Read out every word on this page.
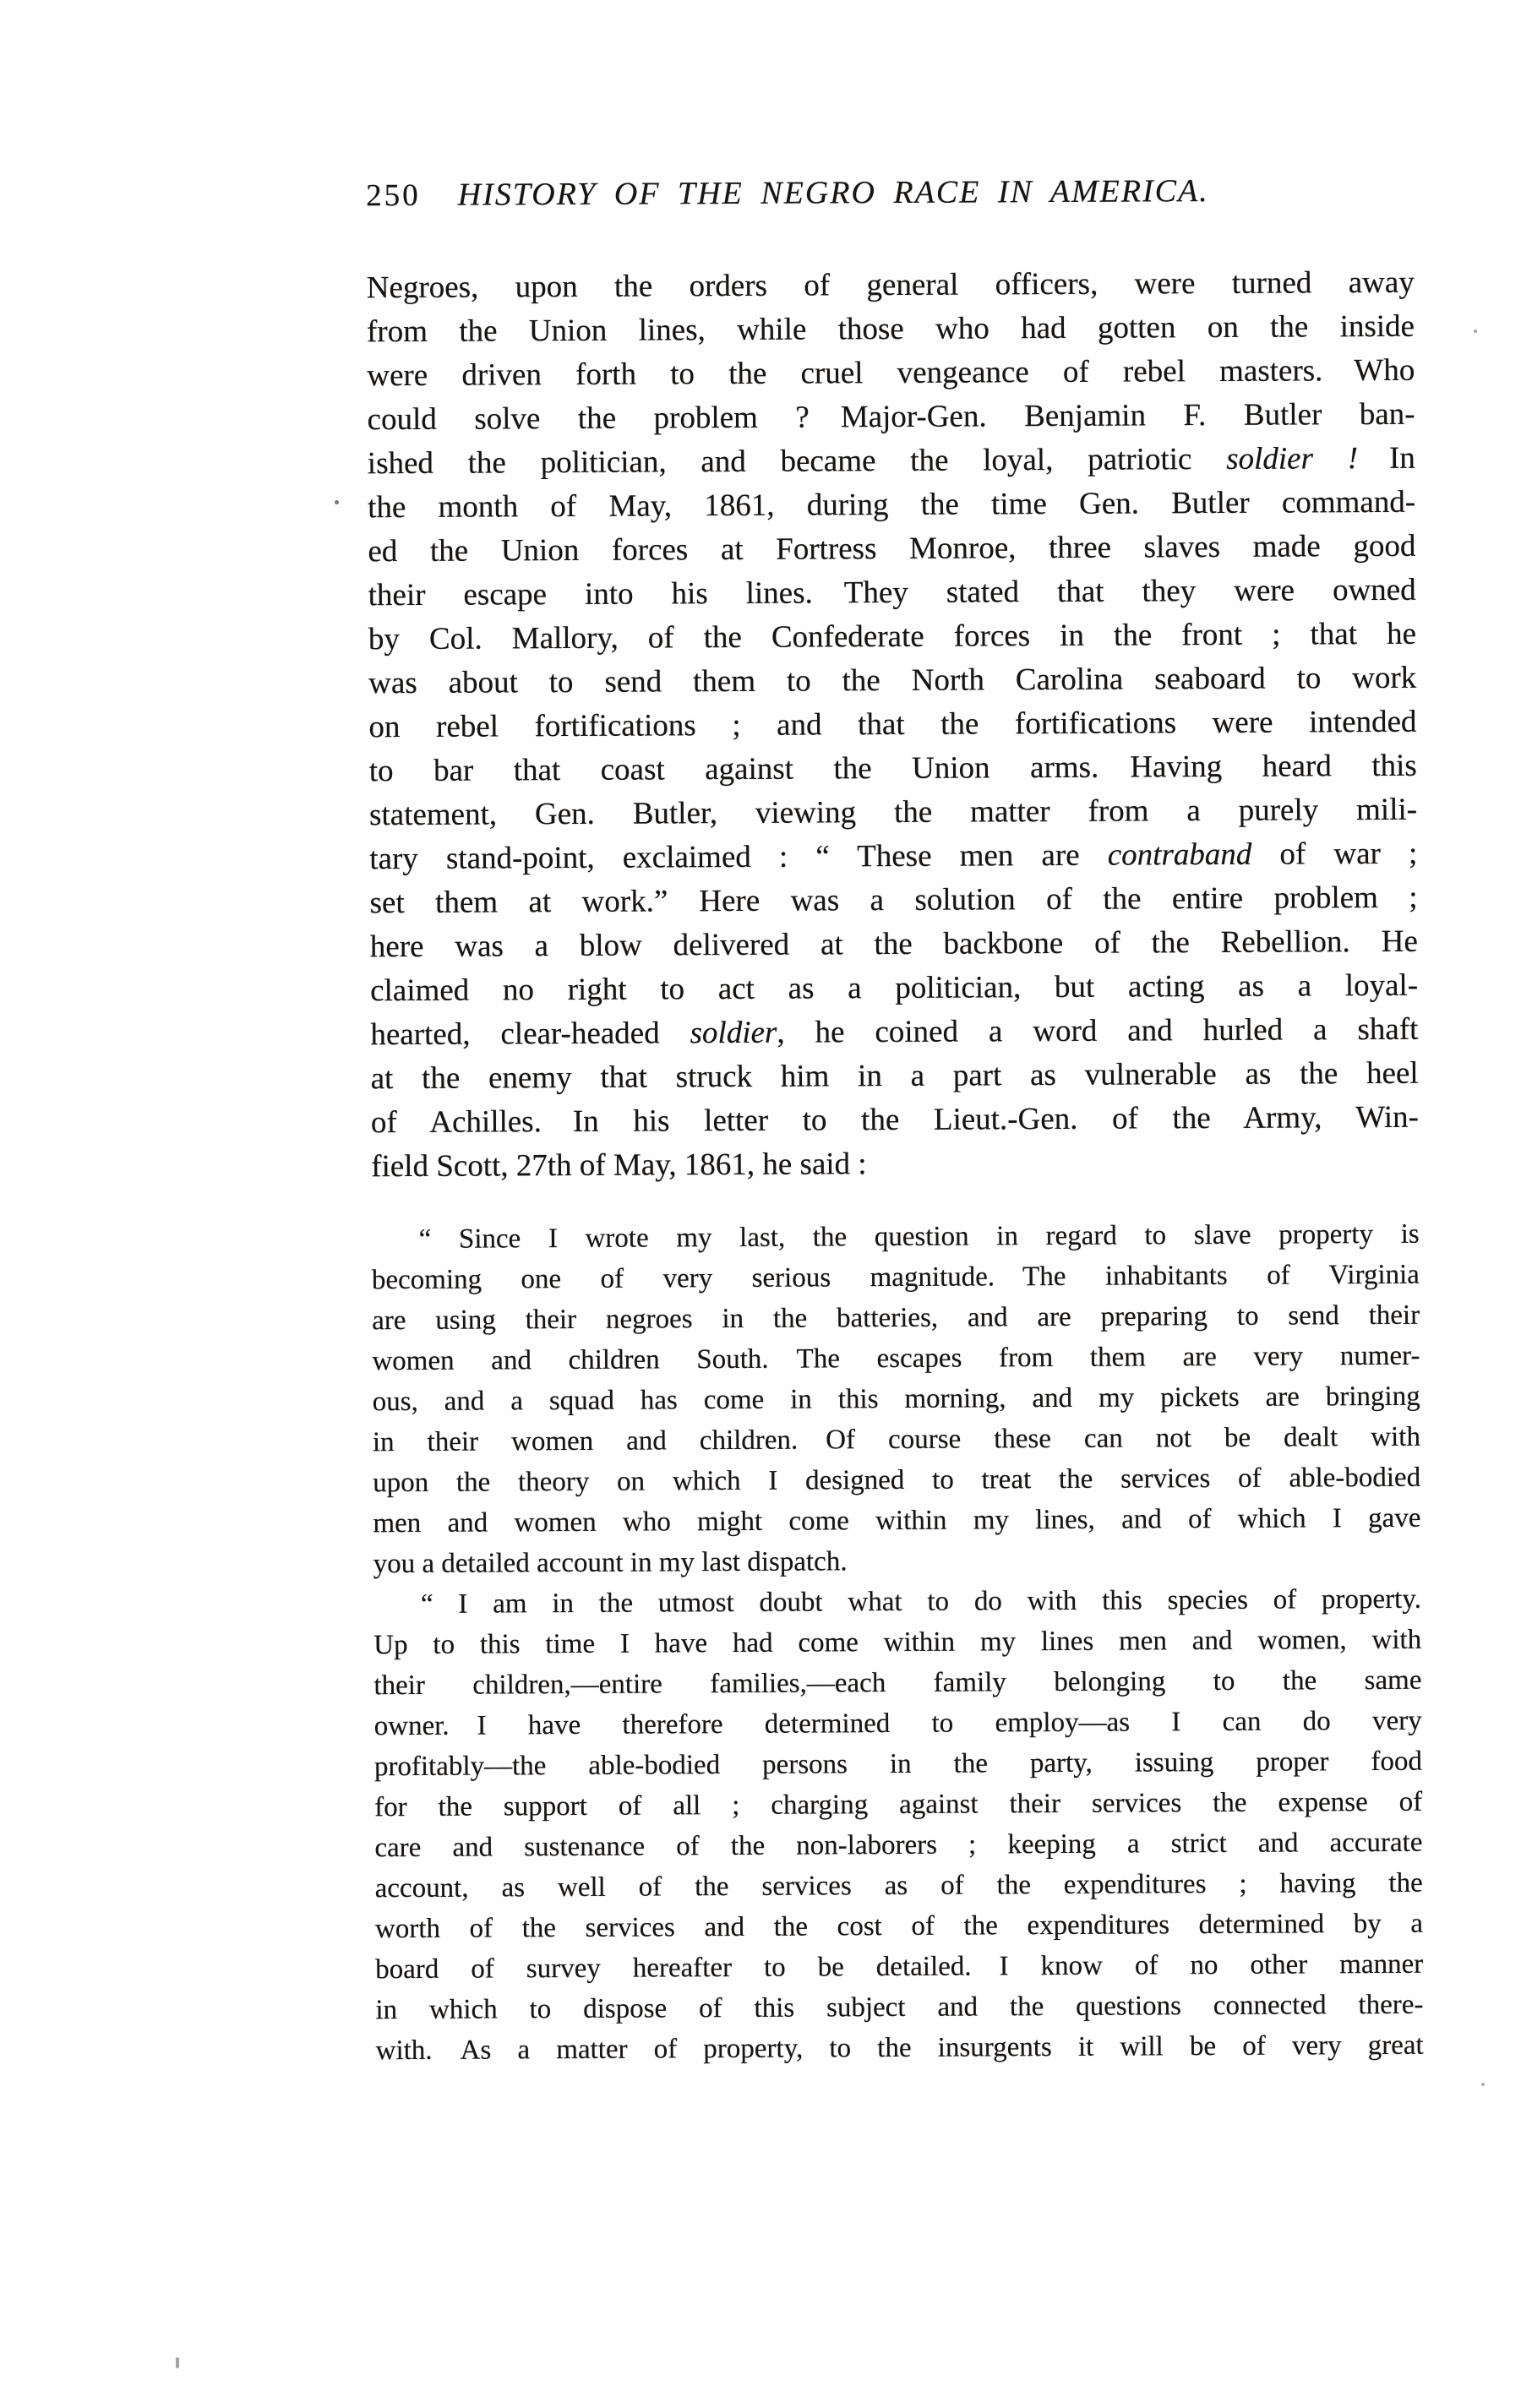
250 HISTORY OF THE NEGRO RACE IN AMERICA.
Negroes, upon the orders of general officers, were turned away
from the Union lines, while those who had gotten on the inside
were driven forth to the cruel vengeance of rebel masters.  Who
could solve the problem ?  Major-Gen. Benjamin F. Butler ban-
ished the politician, and became the loyal, patriotic soldier !  In
the month of May, 1861, during the time Gen. Butler command-
ed the Union forces at Fortress Monroe, three slaves made good
their escape into his lines.  They stated that they were owned
by Col. Mallory, of the Confederate forces in the front ; that he
was about to send them to the North Carolina seaboard to work
on rebel fortifications ; and that the fortifications were intended
to bar that coast against the Union arms.  Having heard this
statement, Gen. Butler, viewing the matter from a purely mili-
tary stand-point, exclaimed : “ These men are contraband of war ;
set them at work.”  Here was a solution of the entire problem ;
here was a blow delivered at the backbone of the Rebellion.  He
claimed no right to act as a politician, but acting as a loyal-
hearted, clear-headed soldier, he coined a word and hurled a shaft
at the enemy that struck him in a part as vulnerable as the heel
of Achilles.  In his letter to the Lieut.-Gen. of the Army, Win-
field Scott, 27th of May, 1861, he said :
“ Since I wrote my last, the question in regard to slave property is
becoming one of very serious magnitude.  The inhabitants of Virginia
are using their negroes in the batteries, and are preparing to send their
women and children South.  The escapes from them are very numer-
ous, and a squad has come in this morning, and my pickets are bringing
in their women and children.  Of course these can not be dealt with
upon the theory on which I designed to treat the services of able-bodied
men and women who might come within my lines, and of which I gave
you a detailed account in my last dispatch.
“ I am in the utmost doubt what to do with this species of property.
Up to this time I have had come within my lines men and women, with
their children,—entire families,—each family belonging to the same
owner.  I have therefore determined to employ—as I can do very
profitably—the able-bodied persons in the party, issuing proper food
for the support of all ; charging against their services the expense of
care and sustenance of the non-laborers ; keeping a strict and accurate
account, as well of the services as of the expenditures ; having the
worth of the services and the cost of the expenditures determined by a
board of survey hereafter to be detailed.  I know of no other manner
in which to dispose of this subject and the questions connected there-
with.  As a matter of property, to the insurgents it will be of very great
